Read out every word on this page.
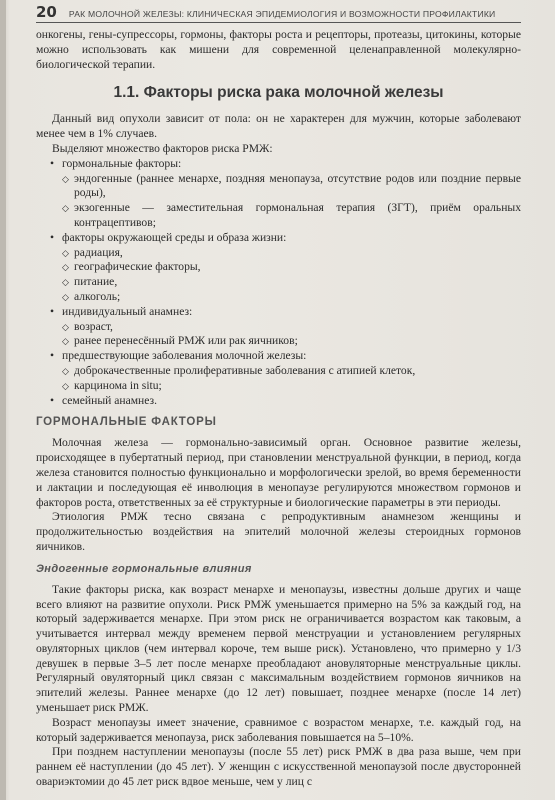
20 РАК МОЛОЧНОЙ ЖЕЛЕЗЫ: КЛИНИЧЕСКАЯ ЭПИДЕМИОЛОГИЯ И ВОЗМОЖНОСТИ ПРОФИЛАКТИКИ

онкогены, гены-супрессоры, гормоны, факторы роста и рецепторы, протеазы, цитокины, которые можно использовать как мишени для современной целенаправленной молекулярно-биологической терапии.

1.1. Факторы риска рака молочной железы

Данный вид опухоли зависит от пола: он не характерен для мужчин, которые заболевают менее чем в 1% случаев.

Выделяют множество факторов риска РМЖ:

• гормональные факторы:
◇ эндогенные (раннее менархе, поздняя менопауза, отсутствие родов или поздние первые роды),
◇ экзогенные — заместительная гормональная терапия (ЗГТ), приём оральных контрацептивов;
• факторы окружающей среды и образа жизни:
◇ радиация,
◇ географические факторы,
◇ питание,
◇ алкоголь;
• индивидуальный анамнез:
◇ возраст,
◇ ранее перенесённый РМЖ или рак яичников;
• предшествующие заболевания молочной железы:
◇ доброкачественные пролиферативные заболевания с атипией клеток,
◇ карцинома in situ;
• семейный анамнез.
ГОРМОНАЛЬНЫЕ ФАКТОРЫ

Молочная железа — гормонально-зависимый орган. Основное развитие железы, происходящее в пубертатный период, при становлении менструальной функции, в период, когда железа становится полностью функционально и морфологически зрелой, во время беременности и лактации и последующая её инволюция в менопаузе регулируются множеством гормонов и факторов роста, ответственных за её структурные и биологические параметры в эти периоды.

Этиология РМЖ тесно связана с репродуктивным анамнезом женщины и продолжительностью воздействия на эпителий молочной железы стероидных гормонов яичников.

Эндогенные гормональные влияния

Такие факторы риска, как возраст менархе и менопаузы, известны дольше других и чаще всего влияют на развитие опухоли. Риск РМЖ уменьшается примерно на 5% за каждый год, на который задерживается менархе. При этом риск не ограничивается возрастом как таковым, а учитывается интервал между временем первой менструации и установлением регулярных овуляторных циклов (чем интервал короче, тем выше риск). Установлено, что примерно у 1/3 девушек в первые 3–5 лет после менархе преобладают ановуляторные менструальные циклы. Регулярный овуляторный цикл связан с максимальным воздействием гормонов яичников на эпителий железы. Раннее менархе (до 12 лет) повышает, позднее менархе (после 14 лет) уменьшает риск РМЖ.

Возраст менопаузы имеет значение, сравнимое с возрастом менархе, т.е. каждый год, на который задерживается менопауза, риск заболевания повышается на 5–10%.

При позднем наступлении менопаузы (после 55 лет) риск РМЖ в два раза выше, чем при раннем её наступлении (до 45 лет). У женщин с искусственной менопаузой после двусторонней овариэктомии до 45 лет риск вдвое меньше, чем у лиц с
